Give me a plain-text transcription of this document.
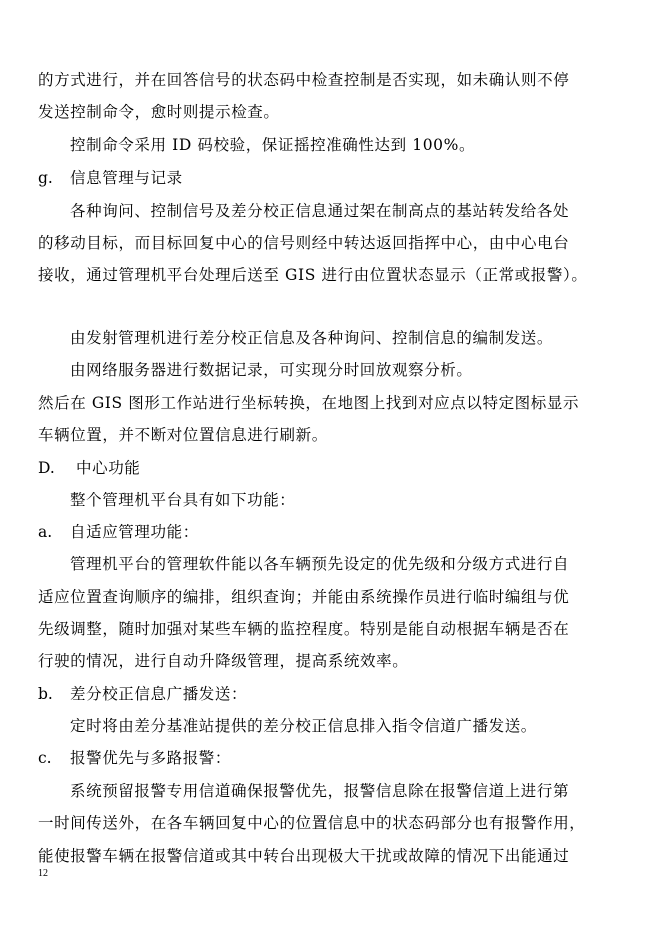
的方式进行，并在回答信号的状态码中检查控制是否实现，如未确认则不停
发送控制命令，愈时则提示检查。
控制命令采用 ID 码校验，保证摇控准确性达到 100%。
g. 信息管理与记录
各种询问、控制信号及差分校正信息通过架在制高点的基站转发给各处
的移动目标，而目标回复中心的信号则经中转达返回指挥中心，由中心电台
接收，通过管理机平台处理后送至 GIS 进行由位置状态显示（正常或报警）。
由发射管理机进行差分校正信息及各种询问、控制信息的编制发送。
由网络服务器进行数据记录，可实现分时回放观察分析。
然后在 GIS 图形工作站进行坐标转换，在地图上找到对应点以特定图标显示
车辆位置，并不断对位置信息进行刷新。
D. 中心功能
整个管理机平台具有如下功能：
a. 自适应管理功能：
管理机平台的管理软件能以各车辆预先设定的优先级和分级方式进行自
适应位置查询顺序的编排，组织查询；并能由系统操作员进行临时编组与优
先级调整，随时加强对某些车辆的监控程度。特别是能自动根据车辆是否在
行驶的情况，进行自动升降级管理，提高系统效率。
b. 差分校正信息广播发送：
定时将由差分基准站提供的差分校正信息排入指令信道广播发送。
c. 报警优先与多路报警：
系统预留报警专用信道确保报警优先，报警信息除在报警信道上进行第
一时间传送外，在各车辆回复中心的位置信息中的状态码部分也有报警作用，
能使报警车辆在报警信道或其中转台出现极大干扰或故障的情况下出能通过
12
